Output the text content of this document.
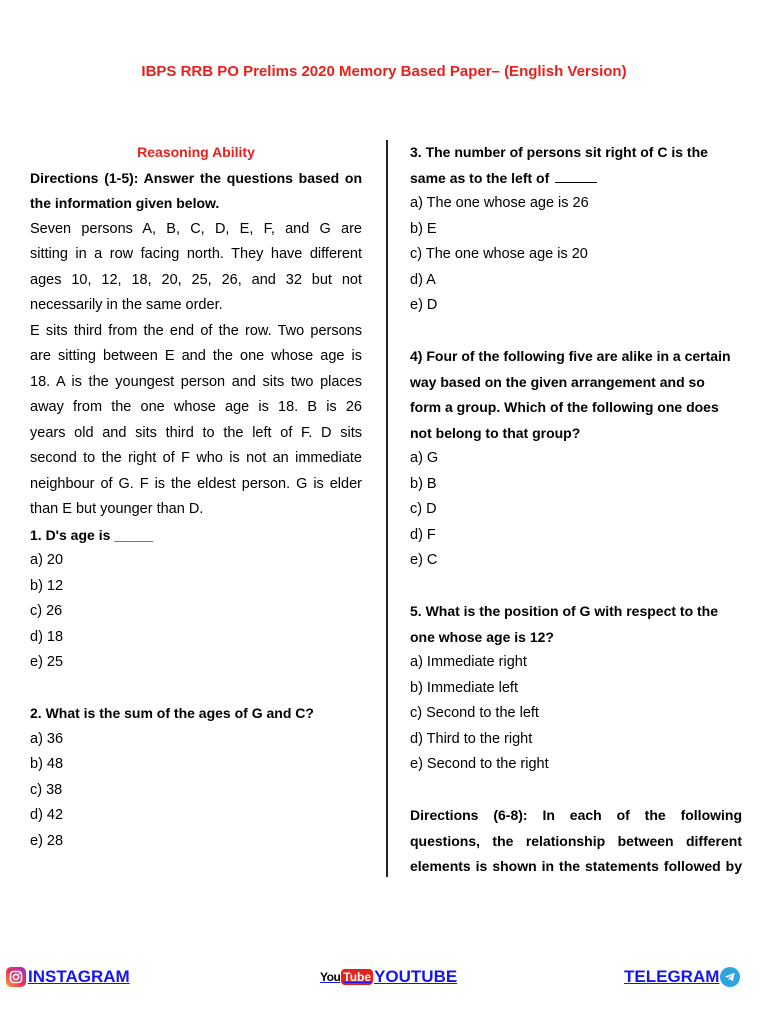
IBPS RRB PO Prelims 2020 Memory Based Paper– (English Version)
Reasoning Ability
Directions (1-5): Answer the questions based on
the information given below.
Seven persons A, B, C, D, E, F, and G are
sitting in a row facing north. They have different
ages 10, 12, 18, 20, 25, 26, and 32 but not
necessarily in the same order.
E sits third from the end of the row. Two persons
are sitting between E and the one whose age is
18. A is the youngest person and sits two places
away from the one whose age is 18. B is 26
years old and sits third to the left of F. D sits
second to the right of F who is not an immediate
neighbour of G. F is the eldest person. G is elder
than E but younger than D.
1. D's age is _____
a) 20
b) 12
c) 26
d) 18
e) 25
2. What is the sum of the ages of G and C?
a) 36
b) 48
c) 38
d) 42
e) 28
3. The number of persons sit right of C is the
same as to the left of
a) The one whose age is 26
b) E
c) The one whose age is 20
d) A
e) D
4) Four of the following five are alike in a certain
way based on the given arrangement and so
form a group. Which of the following one does
not belong to that group?
a) G
b) B
c) D
d) F
e) C
5. What is the position of G with respect to the
one whose age is 12?
a) Immediate right
b) Immediate left
c) Second to the left
d) Third to the right
e) Second to the right
Directions (6-8): In each of the following
questions, the relationship between different
elements is shown in the statements followed by
INSTAGRAM	You Tube YOUTUBE	TELEGRAM
